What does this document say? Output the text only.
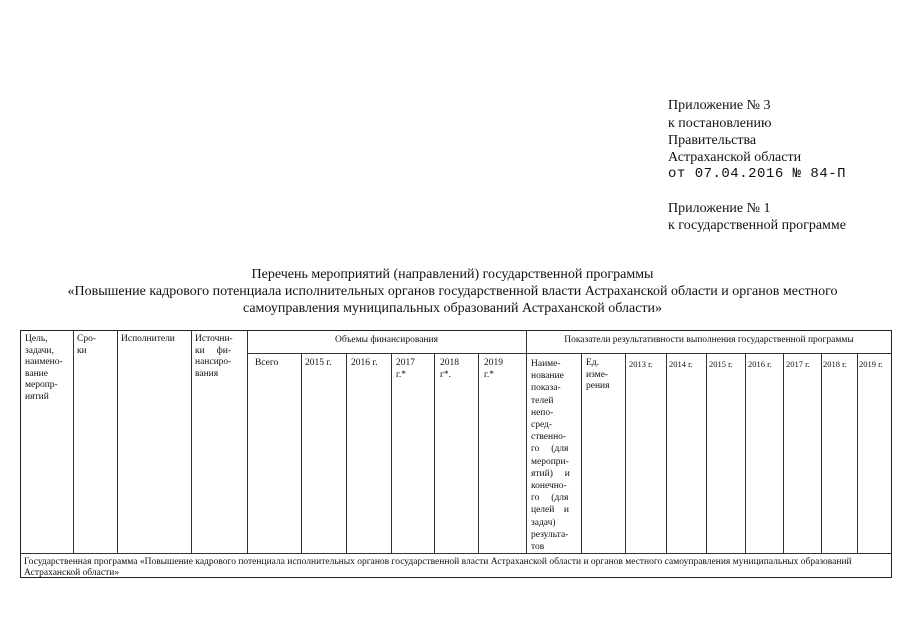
Приложение № 3
к постановлению
Правительства
Астраханской области
от 07.04.2016 № 84-П
Приложение № 1
к государственной программе
Перечень мероприятий (направлений) государственной программы
«Повышение кадрового потенциала исполнительных органов государственной власти Астраханской области и органов местного
самоуправления муниципальных образований Астраханской области»
Цель,
задачи,
наимено-
вание
меропр-
иятий
Сро-
ки
Исполнители Источни-
ки     фи-
нансиро-
вания
Объемы финансирования	Показатели результативности выполнения государственной программы
Всего	2015 г. 2016 г. 2017
г.*
2018
г*.
2019
г.*
Наиме-
нование
показа-
телей
непо-
сред-
ственно-
го     (для
меропри-
ятий)     и
конечно-
го     (для
целей    и
задач)
результа-
тов
Ед.
изме-
рения
2013 г. 2014 г. 2015 г. 2016 г. 2017 г. 2018 г. 2019 г.
Государственная программа «Повышение кадрового потенциала исполнительных органов государственной власти Астраханской области и органов местного самоуправления муниципальных образований Астраханской области»
